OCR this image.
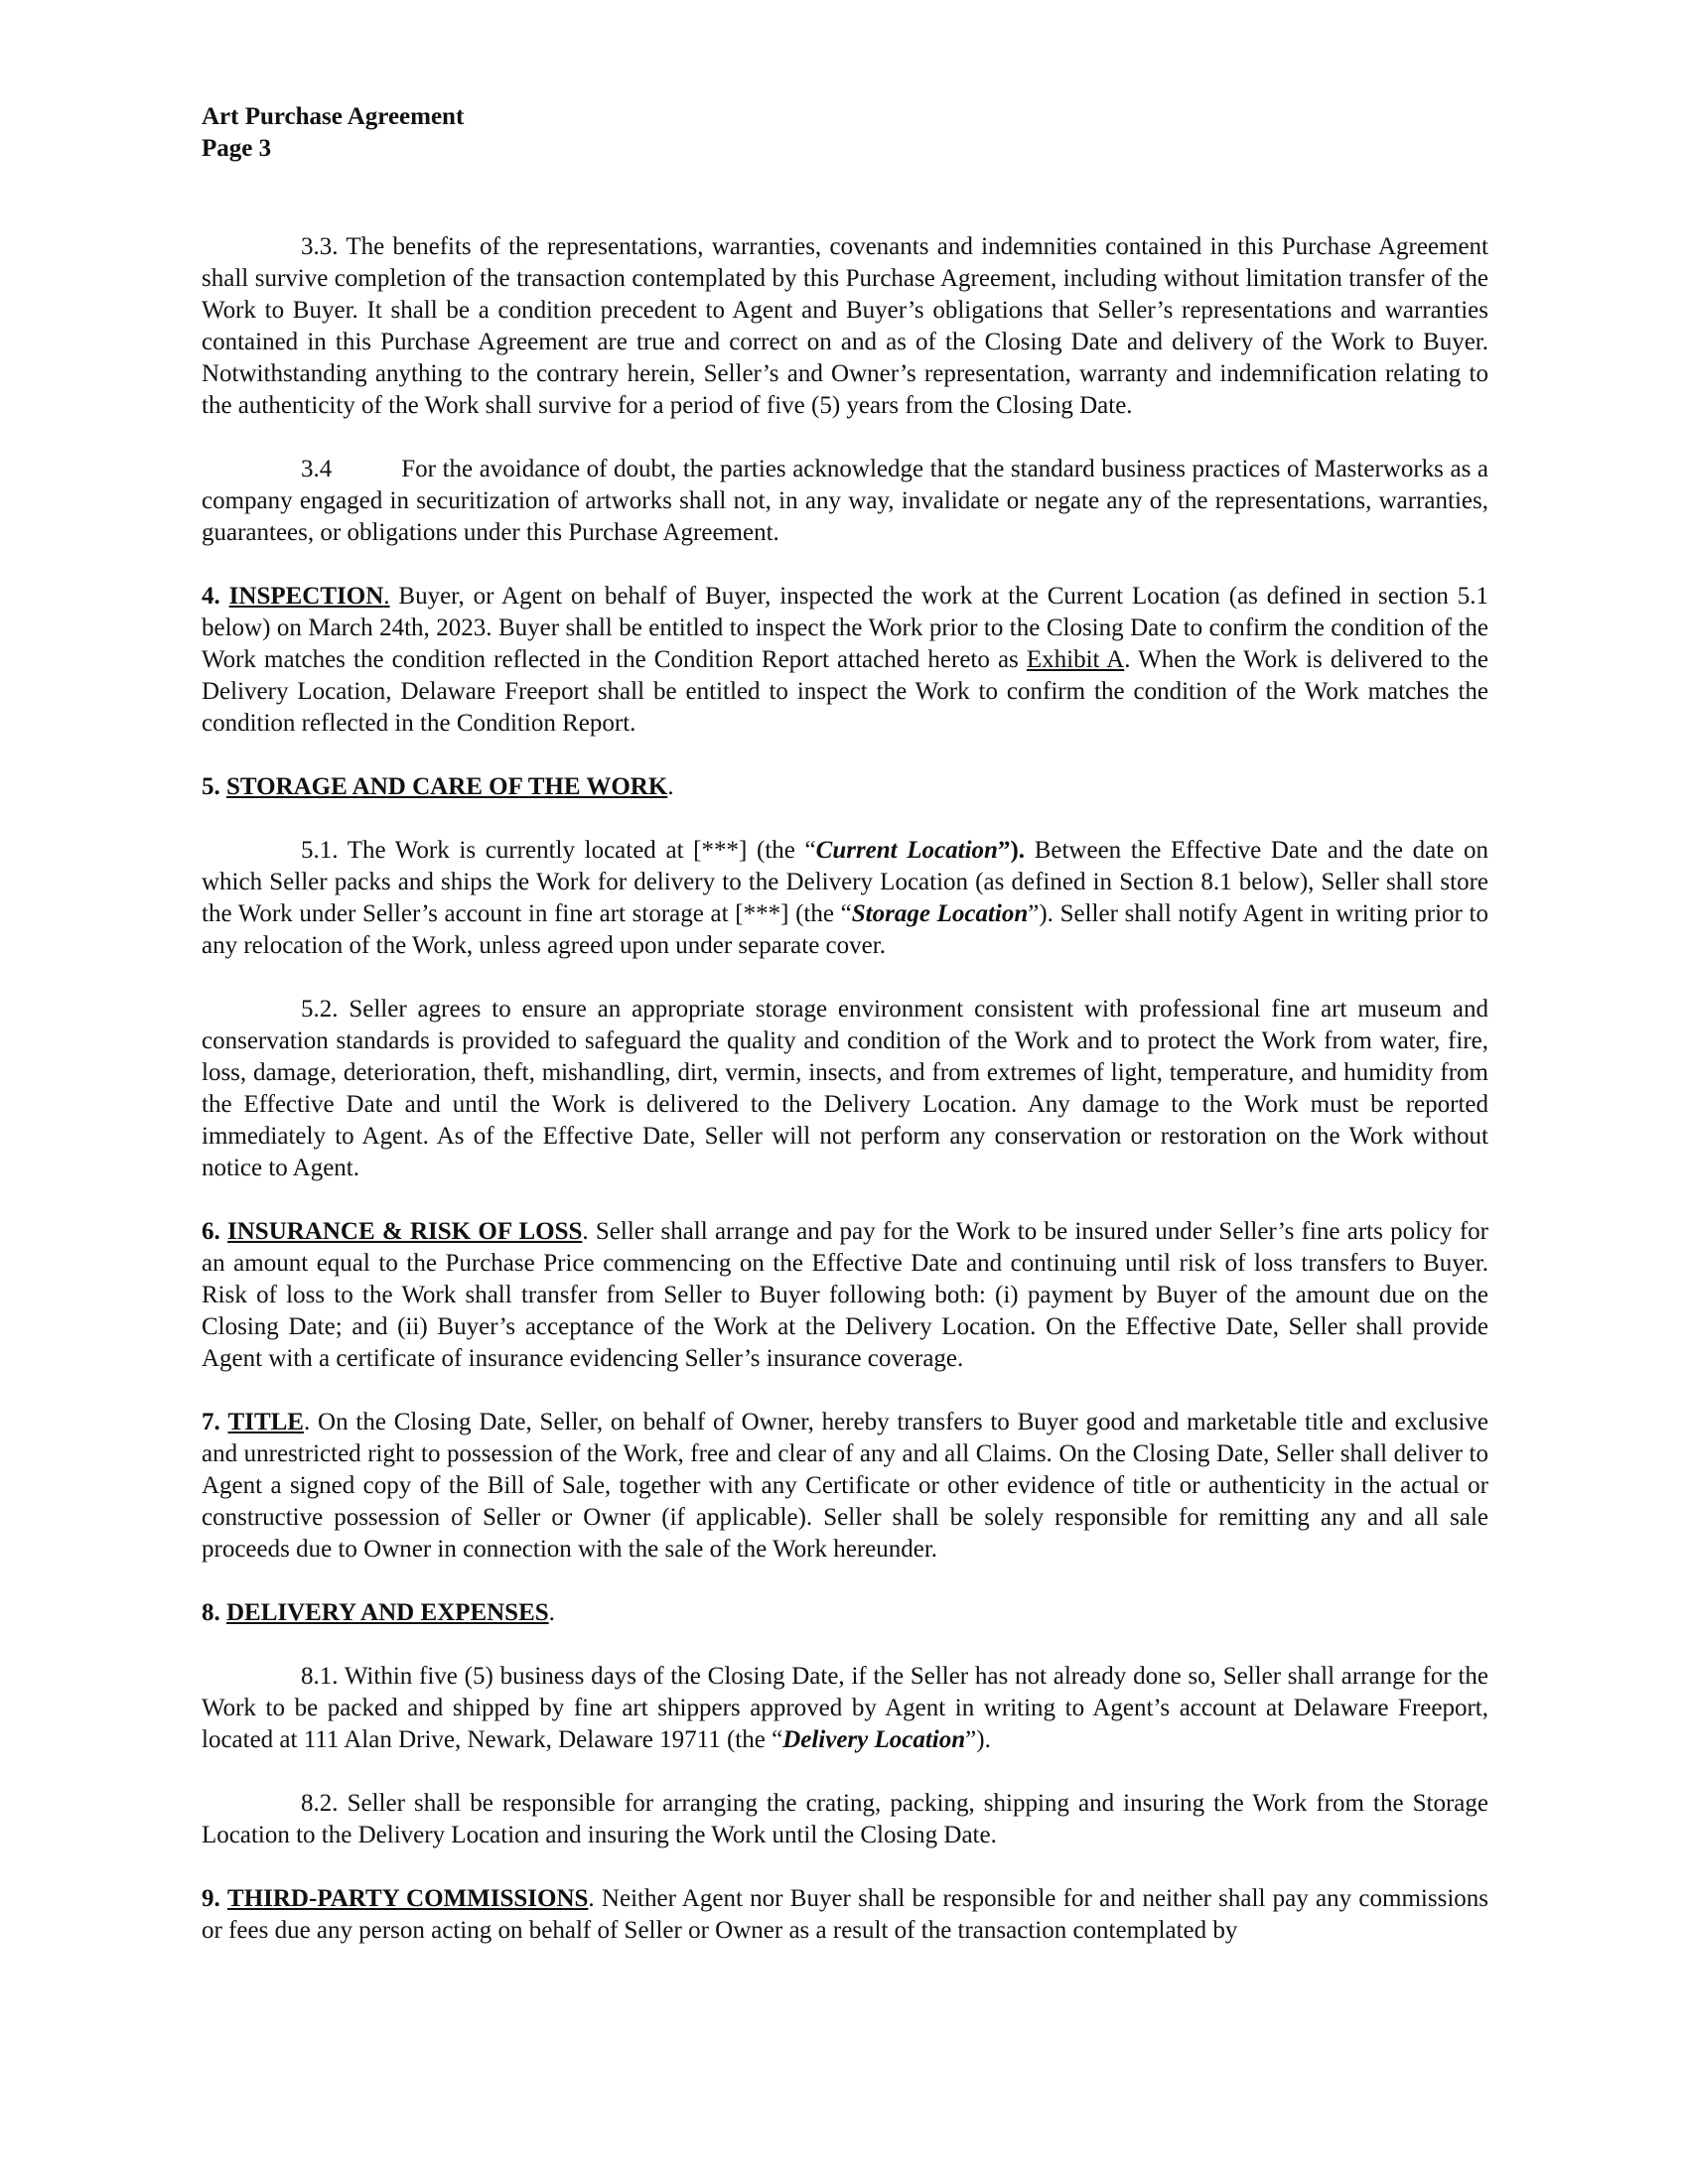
Art Purchase Agreement
Page 3

3.3. The benefits of the representations, warranties, covenants and indemnities contained in this Purchase Agreement shall survive completion of the transaction contemplated by this Purchase Agreement, including without limitation transfer of the Work to Buyer. It shall be a condition precedent to Agent and Buyer’s obligations that Seller’s representations and warranties contained in this Purchase Agreement are true and correct on and as of the Closing Date and delivery of the Work to Buyer. Notwithstanding anything to the contrary herein, Seller’s and Owner’s representation, warranty and indemnification relating to the authenticity of the Work shall survive for a period of five (5) years from the Closing Date.

3.4	For the avoidance of doubt, the parties acknowledge that the standard business practices of Masterworks as a company engaged in securitization of artworks shall not, in any way, invalidate or negate any of the representations, warranties, guarantees, or obligations under this Purchase Agreement.

4. INSPECTION. Buyer, or Agent on behalf of Buyer, inspected the work at the Current Location (as defined in section 5.1 below) on March 24th, 2023. Buyer shall be entitled to inspect the Work prior to the Closing Date to confirm the condition of the Work matches the condition reflected in the Condition Report attached hereto as Exhibit A. When the Work is delivered to the Delivery Location, Delaware Freeport shall be entitled to inspect the Work to confirm the condition of the Work matches the condition reflected in the Condition Report.

5. STORAGE AND CARE OF THE WORK.

5.1. The Work is currently located at [***] (the “Current Location”). Between the Effective Date and the date on which Seller packs and ships the Work for delivery to the Delivery Location (as defined in Section 8.1 below), Seller shall store the Work under Seller’s account in fine art storage at [***] (the “Storage Location”). Seller shall notify Agent in writing prior to any relocation of the Work, unless agreed upon under separate cover.

5.2. Seller agrees to ensure an appropriate storage environment consistent with professional fine art museum and conservation standards is provided to safeguard the quality and condition of the Work and to protect the Work from water, fire, loss, damage, deterioration, theft, mishandling, dirt, vermin, insects, and from extremes of light, temperature, and humidity from the Effective Date and until the Work is delivered to the Delivery Location. Any damage to the Work must be reported immediately to Agent. As of the Effective Date, Seller will not perform any conservation or restoration on the Work without notice to Agent.

6. INSURANCE & RISK OF LOSS. Seller shall arrange and pay for the Work to be insured under Seller’s fine arts policy for an amount equal to the Purchase Price commencing on the Effective Date and continuing until risk of loss transfers to Buyer. Risk of loss to the Work shall transfer from Seller to Buyer following both: (i) payment by Buyer of the amount due on the Closing Date; and (ii) Buyer’s acceptance of the Work at the Delivery Location. On the Effective Date, Seller shall provide Agent with a certificate of insurance evidencing Seller’s insurance coverage.

7. TITLE. On the Closing Date, Seller, on behalf of Owner, hereby transfers to Buyer good and marketable title and exclusive and unrestricted right to possession of the Work, free and clear of any and all Claims. On the Closing Date, Seller shall deliver to Agent a signed copy of the Bill of Sale, together with any Certificate or other evidence of title or authenticity in the actual or constructive possession of Seller or Owner (if applicable). Seller shall be solely responsible for remitting any and all sale proceeds due to Owner in connection with the sale of the Work hereunder.

8. DELIVERY AND EXPENSES.

8.1. Within five (5) business days of the Closing Date, if the Seller has not already done so, Seller shall arrange for the Work to be packed and shipped by fine art shippers approved by Agent in writing to Agent’s account at Delaware Freeport, located at 111 Alan Drive, Newark, Delaware 19711 (the “Delivery Location”).

8.2. Seller shall be responsible for arranging the crating, packing, shipping and insuring the Work from the Storage Location to the Delivery Location and insuring the Work until the Closing Date.

9. THIRD-PARTY COMMISSIONS. Neither Agent nor Buyer shall be responsible for and neither shall pay any commissions or fees due any person acting on behalf of Seller or Owner as a result of the transaction contemplated by
